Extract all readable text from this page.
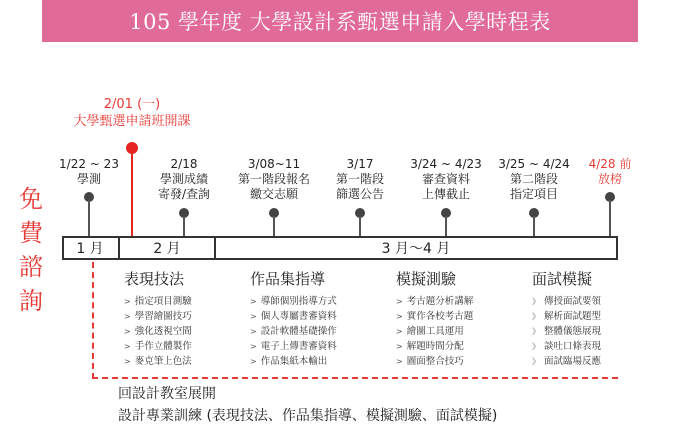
105 學年度 大學設計系甄選申請入學時程表
免
費
諮
詢
2/01 (一)
大學甄選申請班開課
1/22 ~ 23
學測
2/18
學測成績
寄發/查詢
3/08~11
第一階段報名
繳交志願
3/17
第一階段
篩選公告
3/24 ~ 4/23
審查資料
上傳截止
3/25 ~ 4/24
第二階段
指定項目
4/28 前
放榜
1 月	2 月	3 月～4 月
表現技法
> 指定項目測驗
> 學習繪圖技巧
> 強化透視空間
> 手作立體製作
> 麥克筆上色法
作品集指導
> 導師個別指導方式
> 個人專屬書審資料
> 設計軟體基礎操作
> 電子上傳書審資料
> 作品集紙本輸出
模擬測驗
> 考古題分析講解
> 實作各校考古題
> 繪圖工具運用
> 解題時間分配
> 圖面整合技巧
面試模擬
》 傳授面試要領
》 解析面試題型
》 整體儀態展現
》 談吐口條表現
》 面試臨場反應
回設計教室展開
設計專業訓練 (表現技法、作品集指導、模擬測驗、面試模擬)
